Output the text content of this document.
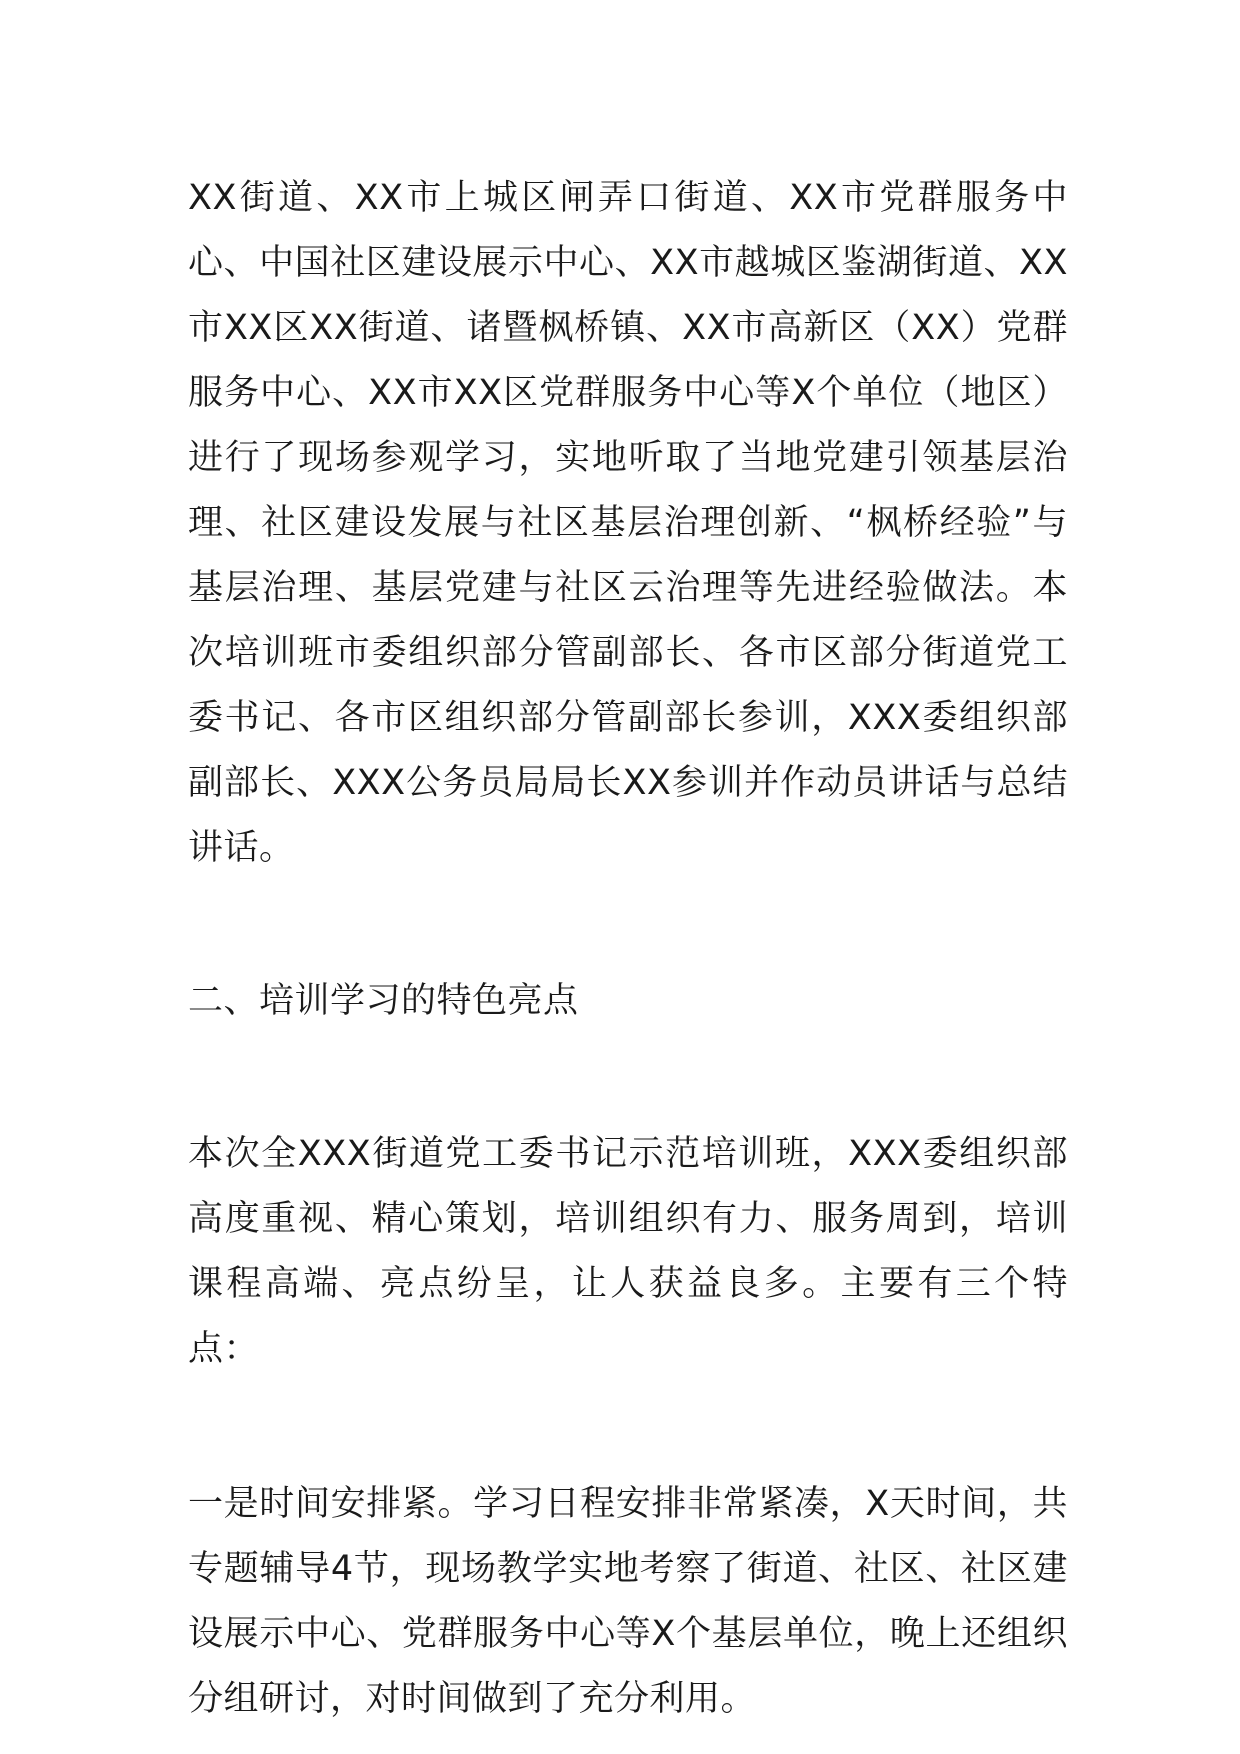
XX街道、XX市上城区闸弄口街道、XX市党群服务中心、中国社区建设展示中心、XX市越城区鉴湖街道、XX市XX区XX街道、诸暨枫桥镇、XX市高新区（XX）党群服务中心、XX市XX区党群服务中心等X个单位（地区）进行了现场参观学习，实地听取了当地党建引领基层治理、社区建设发展与社区基层治理创新、“枫桥经验”与基层治理、基层党建与社区云治理等先进经验做法。本次培训班市委组织部分管副部长、各市区部分街道党工委书记、各市区组织部分管副部长参训，XXX委组织部副部长、XXX公务员局局长XX参训并作动员讲话与总结讲话。

二、培训学习的特色亮点

本次全XXX街道党工委书记示范培训班，XXX委组织部高度重视、精心策划，培训组织有力、服务周到，培训课程高端、亮点纷呈，让人获益良多。主要有三个特点：

一是时间安排紧。学习日程安排非常紧凑，X天时间，共专题辅导4节，现场教学实地考察了街道、社区、社区建设展示中心、党群服务中心等X个基层单位，晚上还组织分组研讨，对时间做到了充分利用。
